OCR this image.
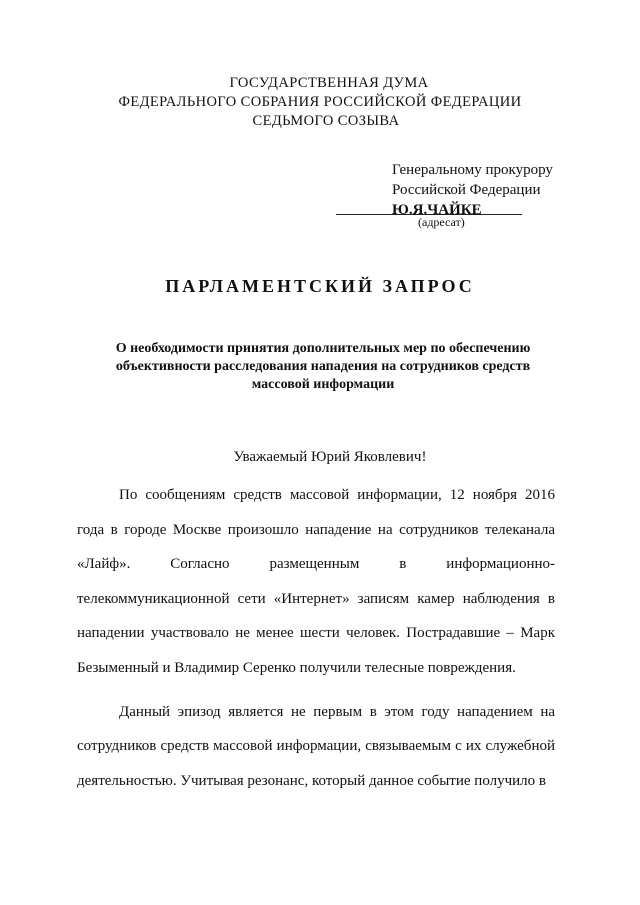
ГОСУДАРСТВЕННАЯ ДУМА
ФЕДЕРАЛЬНОГО СОБРАНИЯ РОССИЙСКОЙ ФЕДЕРАЦИИ
СЕДЬМОГО СОЗЫВА
Генеральному прокурору
Российской Федерации
Ю.Я.ЧАЙКЕ
(адресат)
ПАРЛАМЕНТСКИЙ ЗАПРОС
О необходимости принятия дополнительных мер по обеспечению объективности расследования нападения на сотрудников средств массовой информации
Уважаемый Юрий Яковлевич!

По сообщениям средств массовой информации, 12 ноября 2016 года в городе Москве произошло нападение на сотрудников телеканала «Лайф». Согласно размещенным в информационно-телекоммуникационной сети «Интернет» записям камер наблюдения в нападении участвовало не менее шести человек. Пострадавшие – Марк Безыменный и Владимир Серенко получили телесные повреждения.

Данный эпизод является не первым в этом году нападением на сотрудников средств массовой информации, связываемым с их служебной деятельностью. Учитывая резонанс, который данное событие получило в
